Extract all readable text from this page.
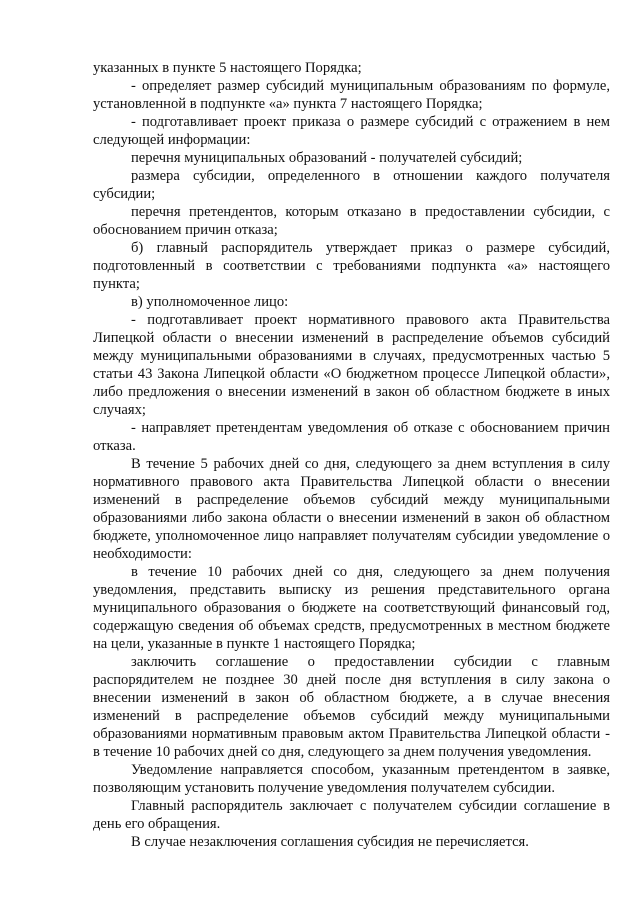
указанных в пункте 5 настоящего Порядка;

- определяет размер субсидий муниципальным образованиям по формуле, установленной в подпункте «а» пункта 7 настоящего Порядка;

- подготавливает проект приказа о размере субсидий с отражением в нем следующей информации:

перечня муниципальных образований - получателей субсидий;

размера субсидии, определенного в отношении каждого получателя субсидии;

перечня претендентов, которым отказано в предоставлении субсидии, с обоснованием причин отказа;

б) главный распорядитель утверждает приказ о размере субсидий, подготовленный в соответствии с требованиями подпункта «а» настоящего пункта;

в) уполномоченное лицо:

- подготавливает проект нормативного правового акта Правительства Липецкой области о внесении изменений в распределение объемов субсидий между муниципальными образованиями в случаях, предусмотренных частью 5 статьи 43 Закона Липецкой области «О бюджетном процессе Липецкой области», либо предложения о внесении изменений в закон об областном бюджете в иных случаях;

- направляет претендентам уведомления об отказе с обоснованием причин отказа.

В течение 5 рабочих дней со дня, следующего за днем вступления в силу нормативного правового акта Правительства Липецкой области о внесении изменений в распределение объемов субсидий между муниципальными образованиями либо закона области о внесении изменений в закон об областном бюджете, уполномоченное лицо направляет получателям субсидии уведомление о необходимости:

в течение 10 рабочих дней со дня, следующего за днем получения уведомления, представить выписку из решения представительного органа муниципального образования о бюджете на соответствующий финансовый год, содержащую сведения об объемах средств, предусмотренных в местном бюджете на цели, указанные в пункте 1 настоящего Порядка;

заключить соглашение о предоставлении субсидии с главным распорядителем не позднее 30 дней после дня вступления в силу закона о внесении изменений в закон об областном бюджете, а в случае внесения изменений в распределение объемов субсидий между муниципальными образованиями нормативным правовым актом Правительства Липецкой области - в течение 10 рабочих дней со дня, следующего за днем получения уведомления.

Уведомление направляется способом, указанным претендентом в заявке, позволяющим установить получение уведомления получателем субсидии.

Главный распорядитель заключает с получателем субсидии соглашение в день его обращения.

В случае незаключения соглашения субсидия не перечисляется.
